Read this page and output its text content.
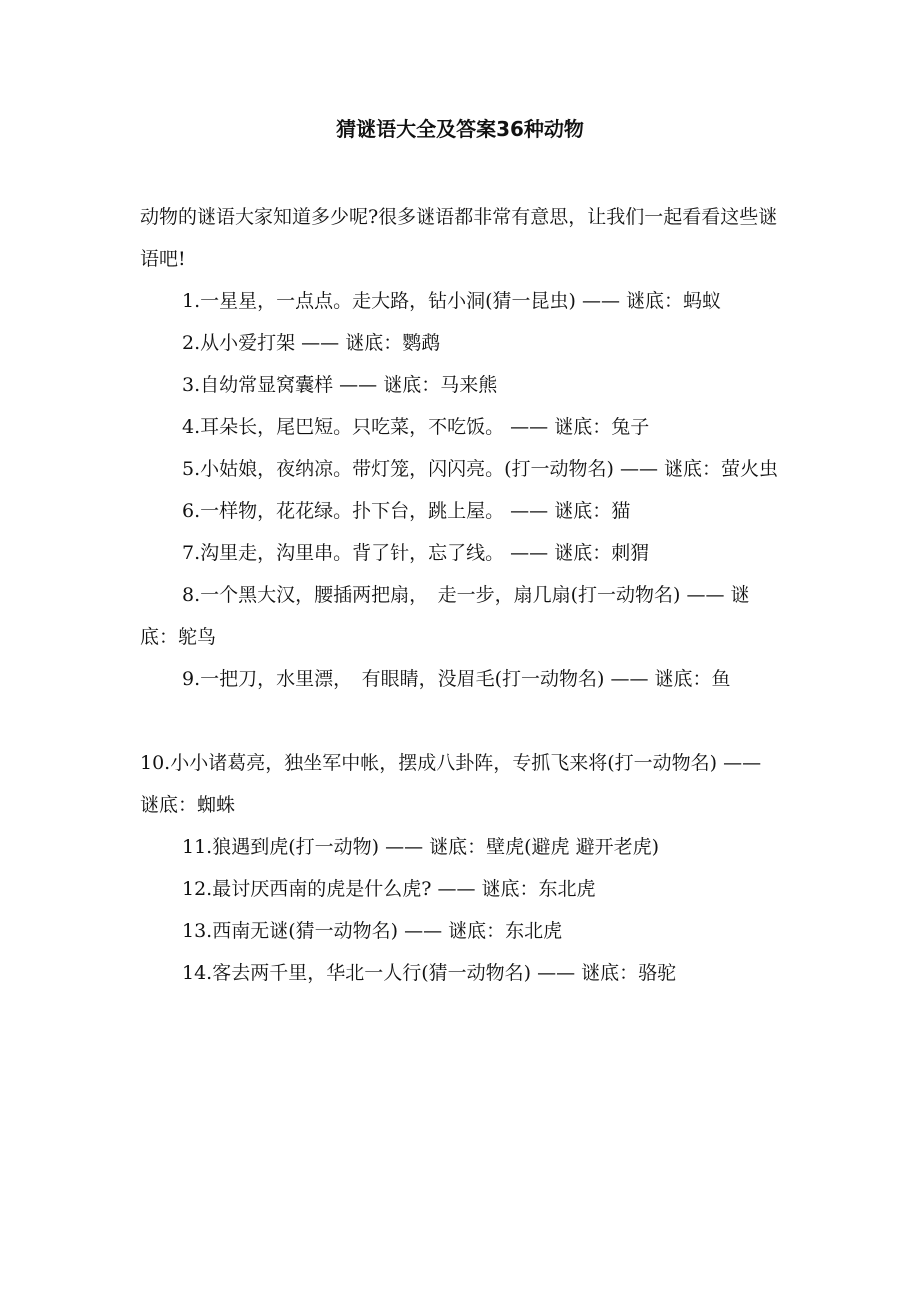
猜谜语大全及答案36种动物

动物的谜语大家知道多少呢?很多谜语都非常有意思，让我们一起看看这些谜语吧!

1.一星星，一点点。走大路，钻小洞(猜一昆虫) —— 谜底：蚂蚁

2.从小爱打架 —— 谜底：鹦鹉

3.自幼常显窝囊样 —— 谜底：马来熊

4.耳朵长，尾巴短。只吃菜，不吃饭。 —— 谜底：兔子

5.小姑娘，夜纳凉。带灯笼，闪闪亮。(打一动物名) —— 谜底：萤火虫

6.一样物，花花绿。扑下台，跳上屋。 —— 谜底：猫

7.沟里走，沟里串。背了针，忘了线。 —— 谜底：刺猬

8.一个黑大汉，腰插两把扇，　走一步，扇几扇(打一动物名) —— 谜底：鸵鸟

9.一把刀，水里漂，　有眼睛，没眉毛(打一动物名) —— 谜底：鱼

10.小小诸葛亮，独坐军中帐，摆成八卦阵，专抓飞来将(打一动物名) —— 谜底：蜘蛛

11.狼遇到虎(打一动物) —— 谜底：壁虎(避虎 避开老虎)

12.最讨厌西南的虎是什么虎? —— 谜底：东北虎

13.西南无谜(猜一动物名) —— 谜底：东北虎

14.客去两千里，华北一人行(猜一动物名) —— 谜底：骆驼
